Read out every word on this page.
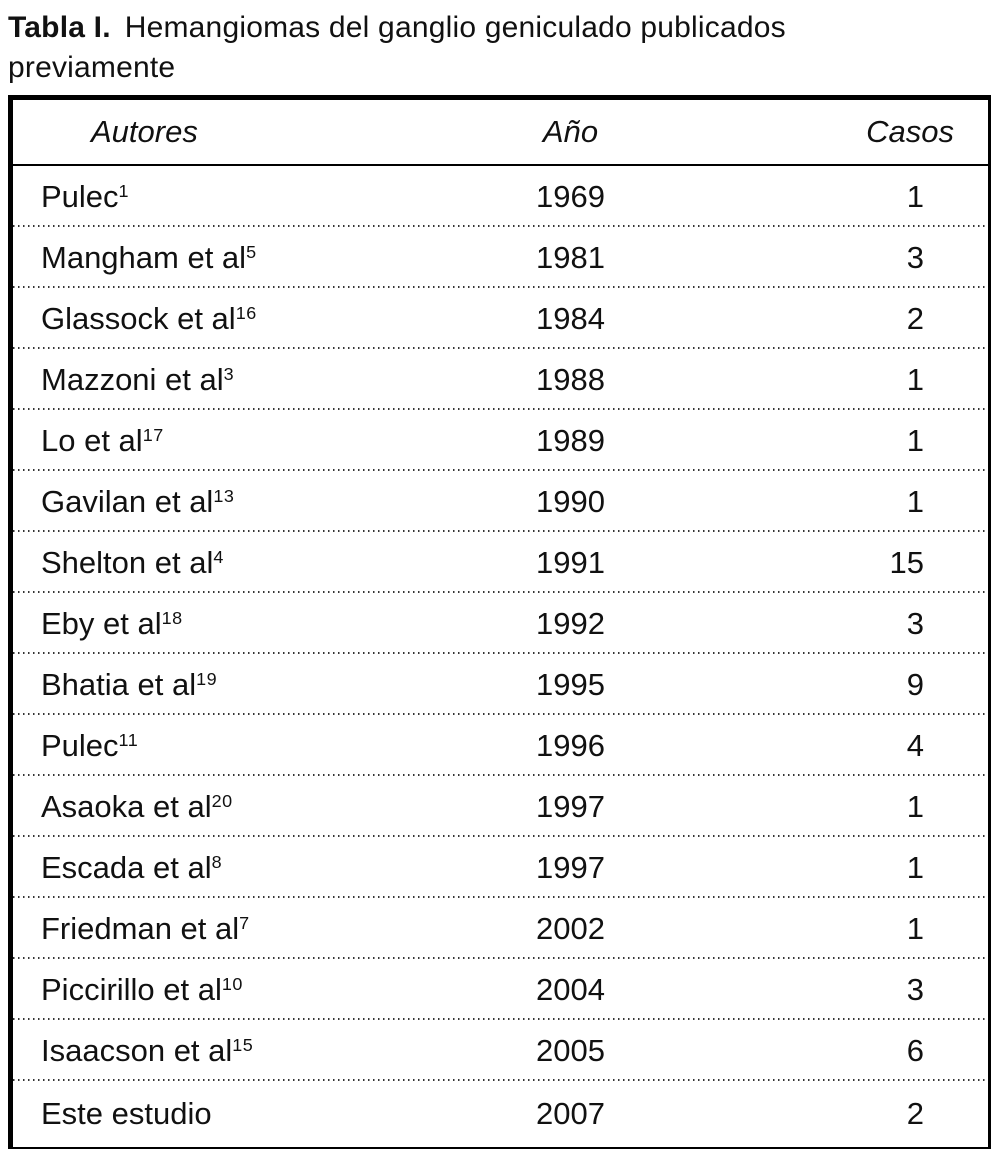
Tabla I. Hemangiomas del ganglio geniculado publicados
previamente
Autores	Año	Casos
Pulec$^1$	1969	1
Mangham et al$^5$	1981	3
Glassock et al$^{16}$	1984	2
Mazzoni et al$^3$	1988	1
Lo et al$^{17}$	1989	1
Gavilan et al$^{13}$	1990	1
Shelton et al$^4$	1991	15
Eby et al$^{18}$	1992	3
Bhatia et al$^{19}$	1995	9
Pulec$^{11}$	1996	4
Asaoka et al$^{20}$	1997	1
Escada et al$^8$	1997	1
Friedman et al$^7$	2002	1
Piccirillo et al$^{10}$	2004	3
Isaacson et al$^{15}$	2005	6
Este estudio	2007	2
